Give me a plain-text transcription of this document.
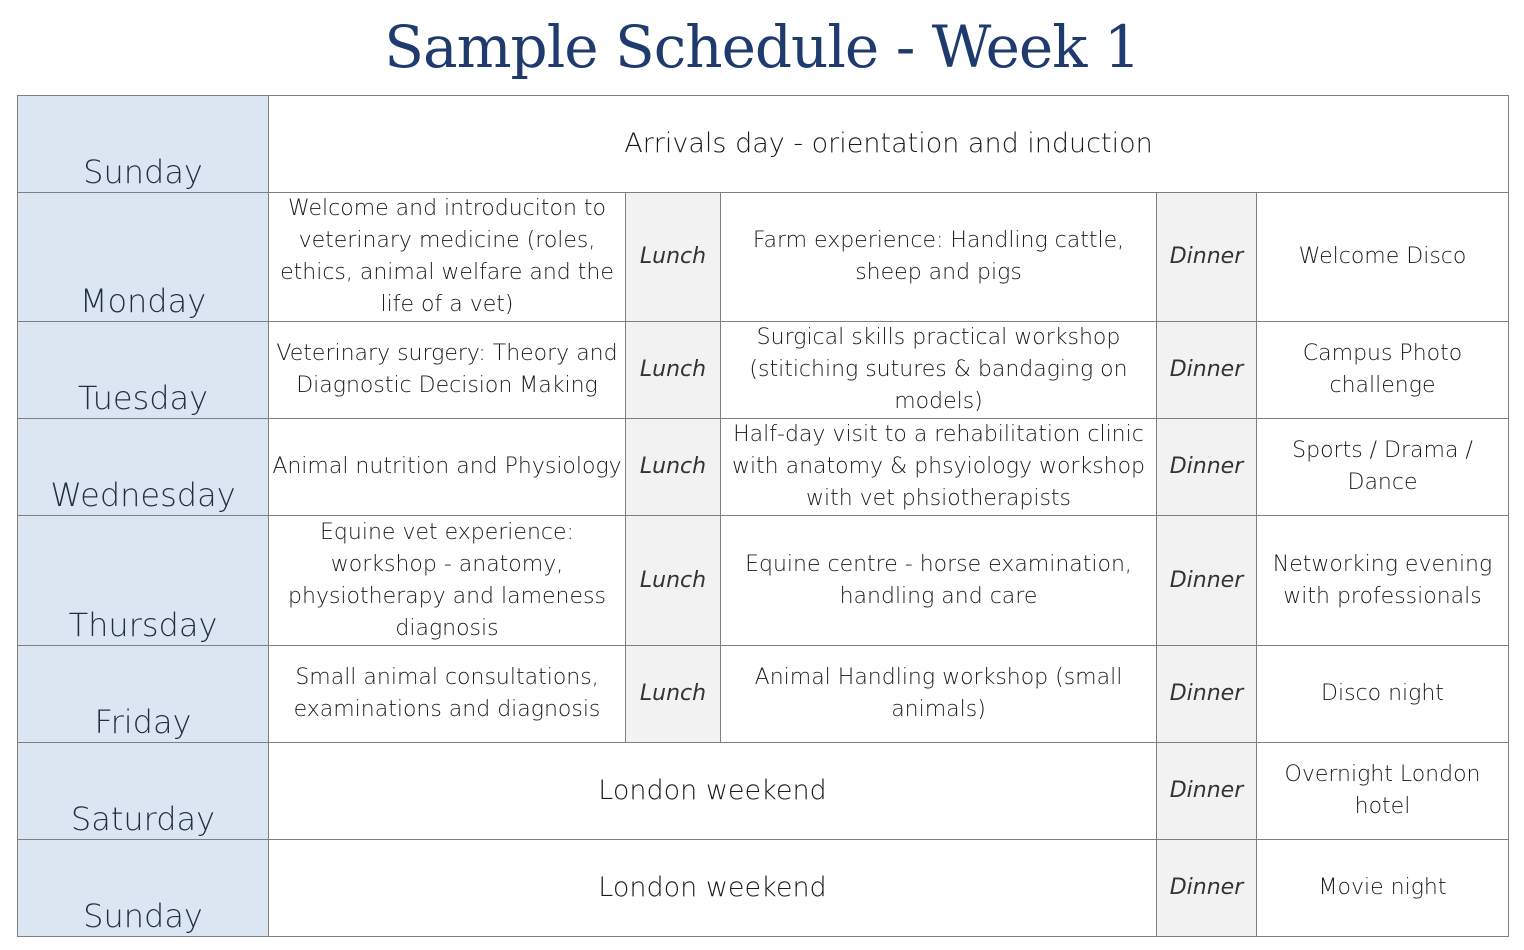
Sample Schedule - Week 1
Sunday	Arrivals day - orientation and induction				
Monday	Welcome and introduciton to veterinary medicine (roles, ethics, animal welfare and the life of a vet)	Lunch	Farm experience: Handling cattle, sheep and pigs	Dinner	Welcome Disco
Tuesday	Veterinary surgery: Theory and Diagnostic Decision Making	Lunch	Surgical skills practical workshop (stitiching sutures & bandaging on models)	Dinner	Campus Photo challenge
Wednesday	Animal nutrition and Physiology	Lunch	Half-day visit to a rehabilitation clinic with anatomy & phsyiology workshop with vet phsiotherapists	Dinner	Sports / Drama / Dance
Thursday	Equine vet experience: workshop - anatomy, physiotherapy and lameness diagnosis	Lunch	Equine centre - horse examination, handling and care	Dinner	Networking evening with professionals
Friday	Small animal consultations, examinations and diagnosis	Lunch	Animal Handling workshop (small animals)	Dinner	Disco night
Saturday	London weekend			Dinner	Overnight London hotel
Sunday	London weekend			Dinner	Movie night
